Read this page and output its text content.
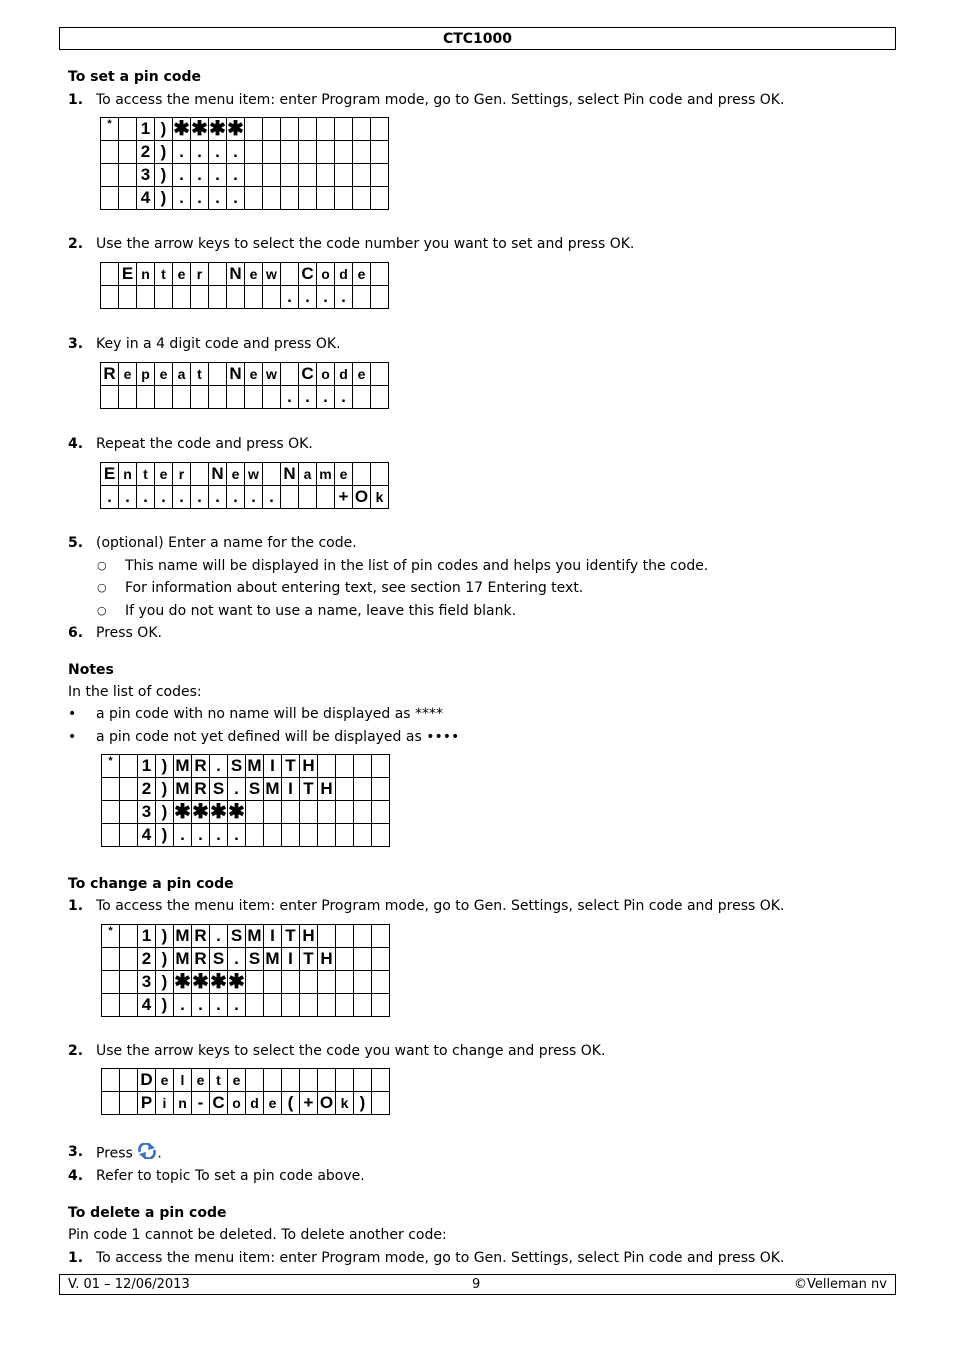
CTC1000
To set a pin code
1. To access the menu item: enter Program mode, go to Gen. Settings, select Pin code and press OK.
*		1	)	✱	✱	✱	✱								
		2	)	.	.	.	.								
		3	)	.	.	.	.								
		4	)	.	.	.	.								
2. Use the arrow keys to select the code number you want to set and press OK.
	E	n	t	e	r		N	e	w		C	o	d	e	
										.	.	.	.		
3. Key in a 4 digit code and press OK.
R	e	p	e	a	t		N	e	w		C	o	d	e	
										.	.	.	.		
4. Repeat the code and press OK.
E	n	t	e	r		N	e	w		N	a	m	e		
.	.	.	.	.	.	.	.	.	.				+	O	k
5. (optional) Enter a name for the code.
○ This name will be displayed in the list of pin codes and helps you identify the code.
○ For information about entering text, see section 17 Entering text.
○ If you do not want to use a name, leave this field blank.
6. Press OK.
Notes
In the list of codes:
• a pin code with no name will be displayed as ****
• a pin code not yet defined will be displayed as ••••
*		1	)	M	R	.	S	M	I	T	H				
		2	)	M	R	S	.	S	M	I	T	H			
		3	)	✱	✱	✱	✱								
		4	)	.	.	.	.								
To change a pin code
1. To access the menu item: enter Program mode, go to Gen. Settings, select Pin code and press OK.
*		1	)	M	R	.	S	M	I	T	H				
		2	)	M	R	S	.	S	M	I	T	H			
		3	)	✱	✱	✱	✱								
		4	)	.	.	.	.								
2. Use the arrow keys to select the code you want to change and press OK.
		D	e	l	e	t	e								
		P	i	n	-	C	o	d	e	(	+	O	k	)	
3. Press .
4. Refer to topic To set a pin code above.
To delete a pin code
Pin code 1 cannot be deleted. To delete another code:
1. To access the menu item: enter Program mode, go to Gen. Settings, select Pin code and press OK.
V. 01 – 12/06/2013	9	©Velleman nv
